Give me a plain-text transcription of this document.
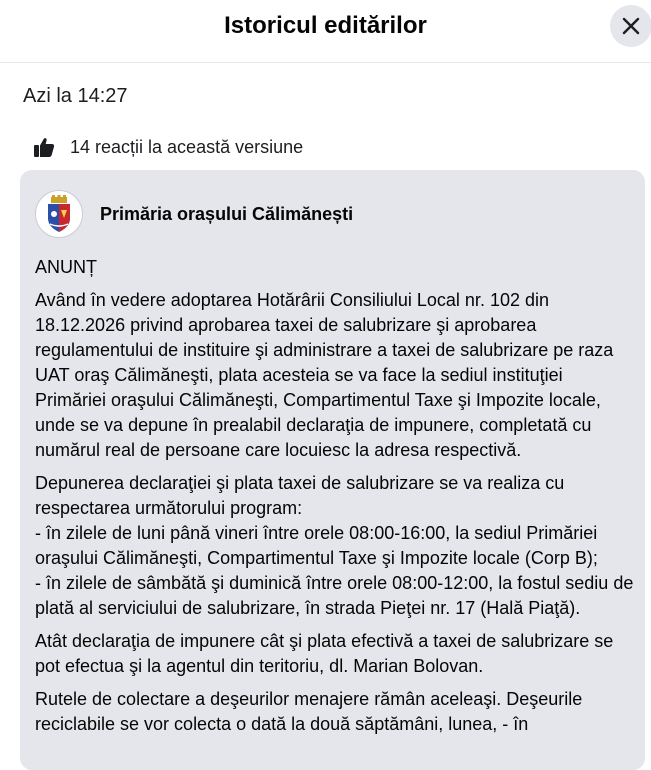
Istoricul editărilor
Azi la 14:27
14 reacții la această versiune
Primăria orașului Călimănești

ANUNȚ

Având în vedere adoptarea Hotărârii Consiliului Local nr. 102 din 18.12.2026 privind aprobarea taxei de salubrizare şi aprobarea regulamentului de instituire şi administrare a taxei de salubrizare pe raza UAT oraş Călimăneşti, plata acesteia se va face la sediul instituţiei Primăriei oraşului Călimăneşti, Compartimentul Taxe şi Impozite locale, unde se va depune în prealabil declaraţia de impunere, completată cu numărul real de persoane care locuiesc la adresa respectivă.

Depunerea declaraţiei şi plata taxei de salubrizare se va realiza cu respectarea următorului program:
- în zilele de luni până vineri între orele 08:00-16:00, la sediul Primăriei oraşului Călimăneşti, Compartimentul Taxe şi Impozite locale (Corp B);
- în zilele de sâmbătă şi duminică între orele 08:00-12:00, la fostul sediu de plată al serviciului de salubrizare, în strada Pieţei nr. 17 (Hală Piaţă).

Atât declaraţia de impunere cât şi plata efectivă a taxei de salubrizare se pot efectua şi la agentul din teritoriu, dl. Marian Bolovan.

Rutele de colectare a deşeurilor menajere rămân aceleaşi. Deşeurile reciclabile se vor colecta o dată la două săptămâni, lunea, - în
